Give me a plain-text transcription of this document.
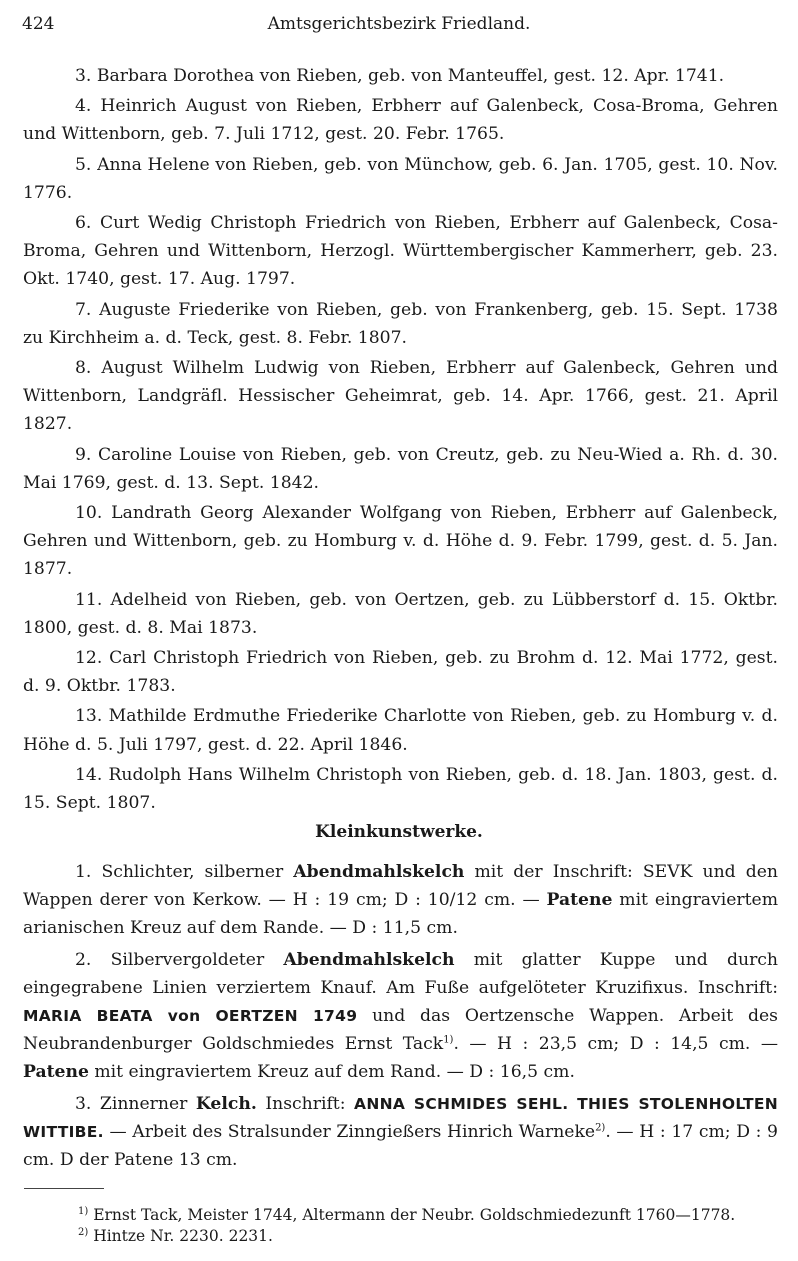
424	Amtsgerichtsbezirk Friedland.

3. Barbara Dorothea von Rieben, geb. von Manteuffel, gest. 12. Apr. 1741.

4. Heinrich August von Rieben, Erbherr auf Galenbeck, Cosa-Broma, Gehren und Wittenborn, geb. 7. Juli 1712, gest. 20. Febr. 1765.

5. Anna Helene von Rieben, geb. von Münchow, geb. 6. Jan. 1705, gest. 10. Nov. 1776.

6. Curt Wedig Christoph Friedrich von Rieben, Erbherr auf Galenbeck, Cosa-Broma, Gehren und Wittenborn, Herzogl. Württembergischer Kammerherr, geb. 23. Okt. 1740, gest. 17. Aug. 1797.

7. Auguste Friederike von Rieben, geb. von Frankenberg, geb. 15. Sept. 1738 zu Kirchheim a. d. Teck, gest. 8. Febr. 1807.

8. August Wilhelm Ludwig von Rieben, Erbherr auf Galenbeck, Gehren und Wittenborn, Landgräfl. Hessischer Geheimrat, geb. 14. Apr. 1766, gest. 21. April 1827.

9. Caroline Louise von Rieben, geb. von Creutz, geb. zu Neu-Wied a. Rh. d. 30. Mai 1769, gest. d. 13. Sept. 1842.

10. Landrath Georg Alexander Wolfgang von Rieben, Erbherr auf Galenbeck, Gehren und Wittenborn, geb. zu Homburg v. d. Höhe d. 9. Febr. 1799, gest. d. 5. Jan. 1877.

11. Adelheid von Rieben, geb. von Oertzen, geb. zu Lübberstorf d. 15. Oktbr. 1800, gest. d. 8. Mai 1873.

12. Carl Christoph Friedrich von Rieben, geb. zu Brohm d. 12. Mai 1772, gest. d. 9. Oktbr. 1783.

13. Mathilde Erdmuthe Friederike Charlotte von Rieben, geb. zu Homburg v. d. Höhe d. 5. Juli 1797, gest. d. 22. April 1846.

14. Rudolph Hans Wilhelm Christoph von Rieben, geb. d. 18. Jan. 1803, gest. d. 15. Sept. 1807.

Kleinkunstwerke.

1. Schlichter, silberner Abendmahlskelch mit der Inschrift: SEVK und den Wappen derer von Kerkow. — H : 19 cm; D : 10/12 cm. — Patene mit eingraviertem arianischen Kreuz auf dem Rande. — D : 11,5 cm.

2. Silbervergoldeter Abendmahlskelch mit glatter Kuppe und durch eingegrabene Linien verziertem Knauf. Am Fuße aufgelöteter Kruzifixus. Inschrift: MARIA BEATA von OERTZEN 1749 und das Oertzensche Wappen. Arbeit des Neubrandenburger Goldschmiedes Ernst Tack$^{1)}$. — H : 23,5 cm; D : 14,5 cm. — Patene mit eingraviertem Kreuz auf dem Rand. — D : 16,5 cm.

3. Zinnerner Kelch. Inschrift: ANNA SCHMIDES SEHL. THIES STOLENHOLTEN WITTIBE. — Arbeit des Stralsunder Zinngießers Hinrich Warneke$^{2)}$. — H : 17 cm; D : 9 cm. D der Patene 13 cm.

$^{1)}$ Ernst Tack, Meister 1744, Altermann der Neubr. Goldschmiedezunft 1760—1778.

$^{2)}$ Hintze Nr. 2230. 2231.
